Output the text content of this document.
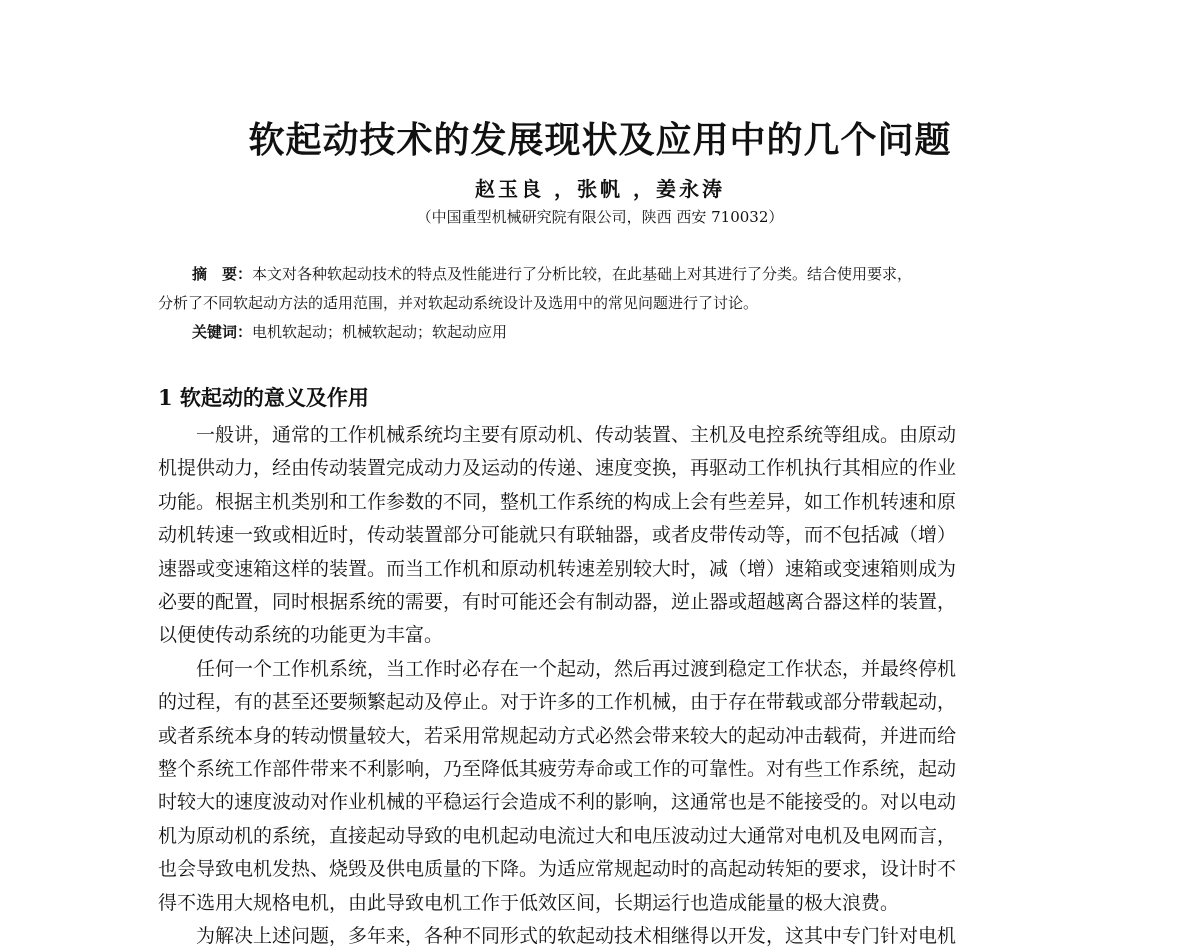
软起动技术的发展现状及应用中的几个问题
赵玉良 ，张帆 ，姜永涛
（中国重型机械研究院有限公司，陕西 西安 710032）
摘　要：本文对各种软起动技术的特点及性能进行了分析比较，在此基础上对其进行了分类。结合使用要求，
分析了不同软起动方法的适用范围，并对软起动系统设计及选用中的常见问题进行了讨论。
关键词：电机软起动；机械软起动；软起动应用
1 软起动的意义及作用
一般讲，通常的工作机械系统均主要有原动机、传动装置、主机及电控系统等组成。由原动
机提供动力，经由传动装置完成动力及运动的传递、速度变换，再驱动工作机执行其相应的作业
功能。根据主机类别和工作参数的不同，整机工作系统的构成上会有些差异，如工作机转速和原
动机转速一致或相近时，传动装置部分可能就只有联轴器，或者皮带传动等，而不包括减（增）
速器或变速箱这样的装置。而当工作机和原动机转速差别较大时，减（增）速箱或变速箱则成为
必要的配置，同时根据系统的需要，有时可能还会有制动器，逆止器或超越离合器这样的装置，
以便使传动系统的功能更为丰富。
任何一个工作机系统，当工作时必存在一个起动，然后再过渡到稳定工作状态，并最终停机
的过程，有的甚至还要频繁起动及停止。对于许多的工作机械，由于存在带载或部分带载起动，
或者系统本身的转动惯量较大，若采用常规起动方式必然会带来较大的起动冲击载荷，并进而给
整个系统工作部件带来不利影响，乃至降低其疲劳寿命或工作的可靠性。对有些工作系统，起动
时较大的速度波动对作业机械的平稳运行会造成不利的影响，这通常也是不能接受的。对以电动
机为原动机的系统，直接起动导致的电机起动电流过大和电压波动过大通常对电机及电网而言，
也会导致电机发热、烧毁及供电质量的下降。为适应常规起动时的高起动转矩的要求，设计时不
得不选用大规格电机，由此导致电机工作于低效区间，长期运行也造成能量的极大浪费。
为解决上述问题，多年来，各种不同形式的软起动技术相继得以开发，这其中专门针对电机
